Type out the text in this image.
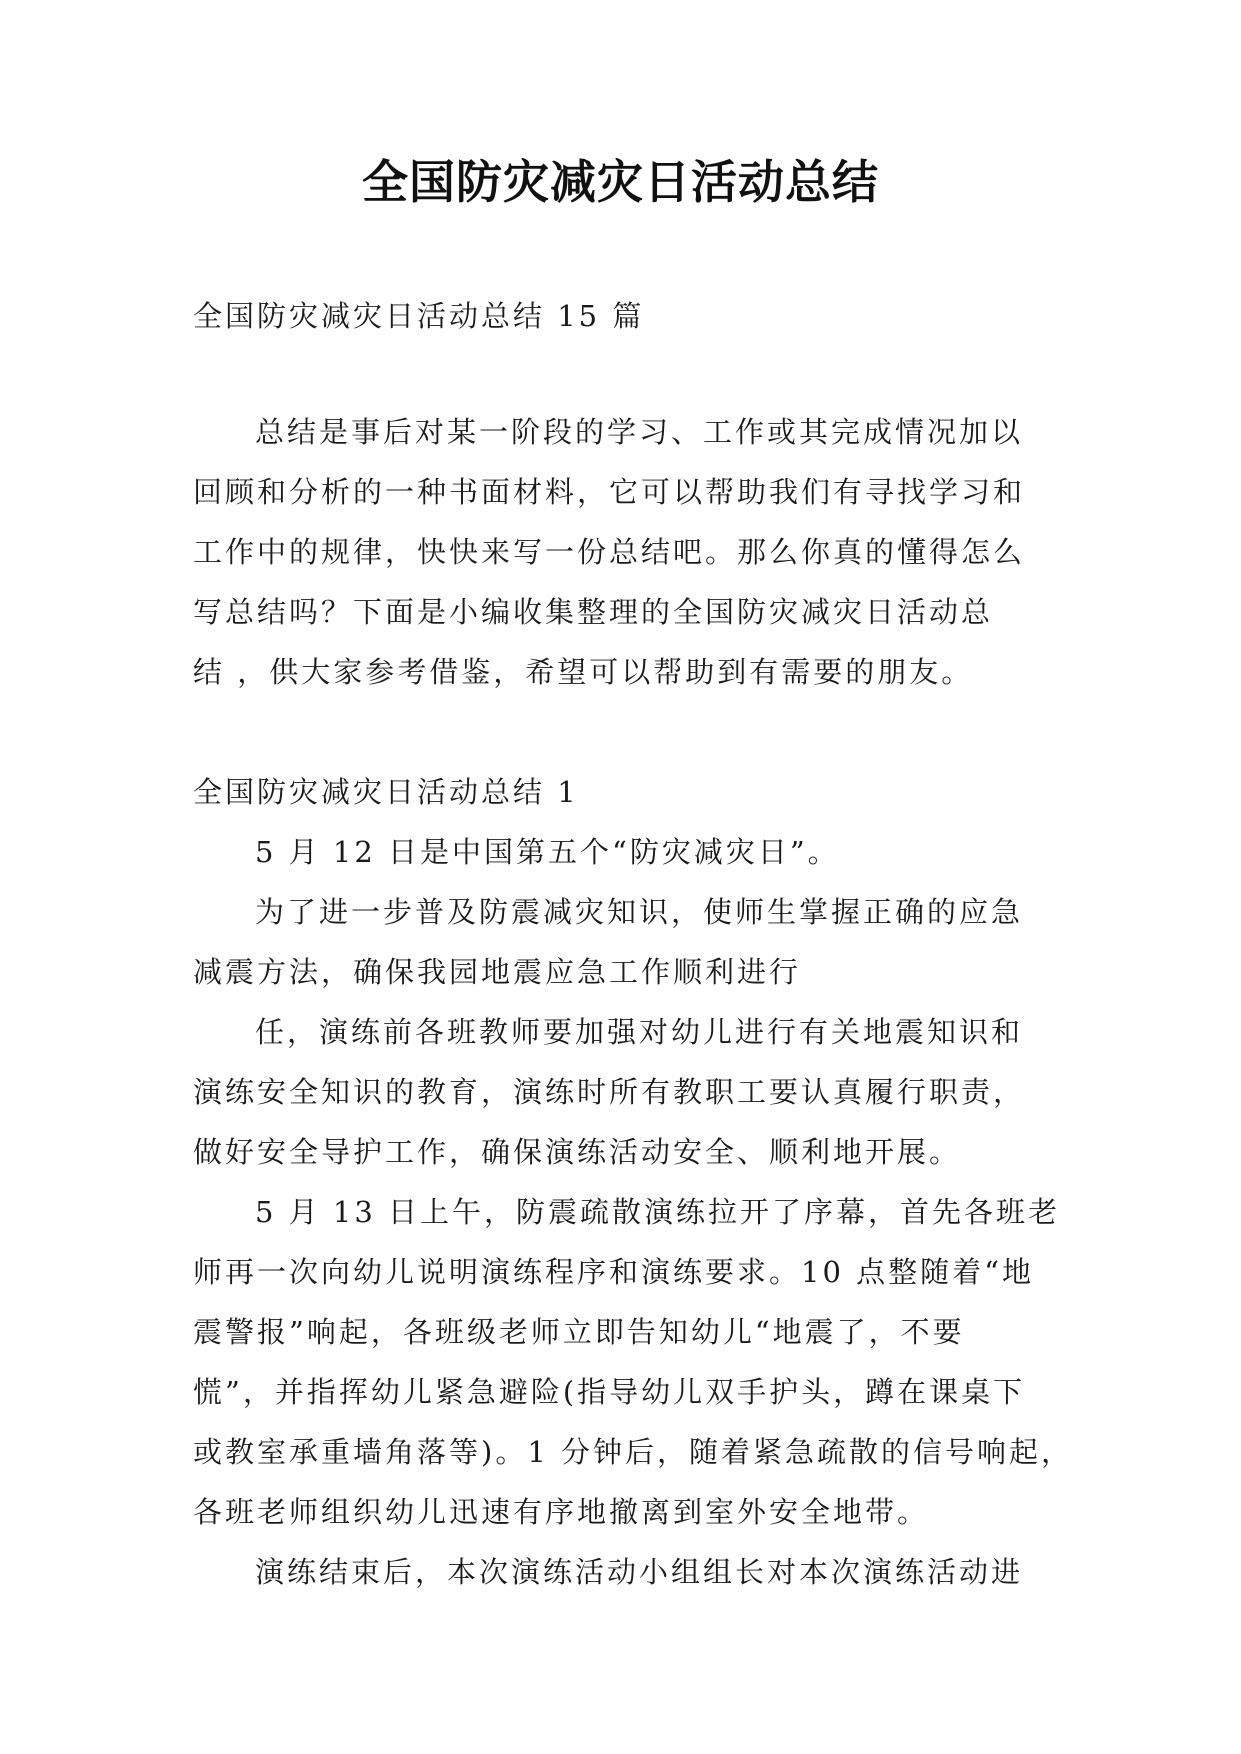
全国防灾减灾日活动总结

全国防灾减灾日活动总结 15 篇

总结是事后对某一阶段的学习、工作或其完成情况加以
回顾和分析的一种书面材料，它可以帮助我们有寻找学习和
工作中的规律，快快来写一份总结吧。那么你真的懂得怎么
写总结吗？下面是小编收集整理的全国防灾减灾日活动总
结 ，供大家参考借鉴，希望可以帮助到有需要的朋友。

全国防灾减灾日活动总结 1

5 月 12 日是中国第五个“防灾减灾日”。
为了进一步普及防震减灾知识，使师生掌握正确的应急
减震方法，确保我园地震应急工作顺利进行
任，演练前各班教师要加强对幼儿进行有关地震知识和
演练安全知识的教育，演练时所有教职工要认真履行职责，
做好安全导护工作，确保演练活动安全、顺利地开展。
5 月 13 日上午，防震疏散演练拉开了序幕，首先各班老
师再一次向幼儿说明演练程序和演练要求。10 点整随着“地
震警报”响起，各班级老师立即告知幼儿“地震了，不要
慌”，并指挥幼儿紧急避险(指导幼儿双手护头，蹲在课桌下
或教室承重墙角落等)。1 分钟后，随着紧急疏散的信号响起，
各班老师组织幼儿迅速有序地撤离到室外安全地带。
演练结束后，本次演练活动小组组长对本次演练活动进
